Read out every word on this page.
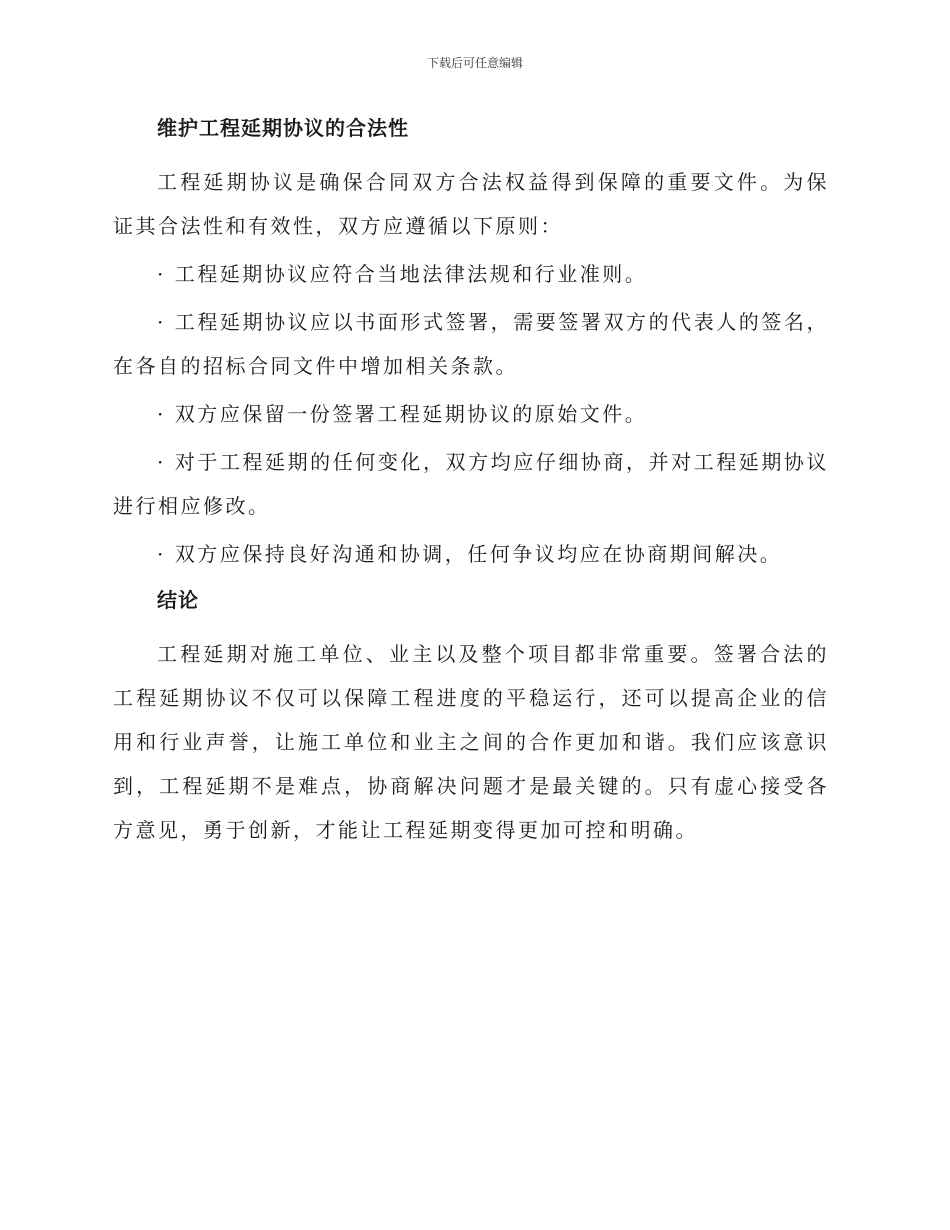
下载后可任意编辑
维护工程延期协议的合法性

工程延期协议是确保合同双方合法权益得到保障的重要文件。为保证其合法性和有效性，双方应遵循以下原则：

· 工程延期协议应符合当地法律法规和行业准则。

· 工程延期协议应以书面形式签署，需要签署双方的代表人的签名，在各自的招标合同文件中增加相关条款。

· 双方应保留一份签署工程延期协议的原始文件。

· 对于工程延期的任何变化，双方均应仔细协商，并对工程延期协议进行相应修改。

· 双方应保持良好沟通和协调，任何争议均应在协商期间解决。

结论

工程延期对施工单位、业主以及整个项目都非常重要。签署合法的工程延期协议不仅可以保障工程进度的平稳运行，还可以提高企业的信用和行业声誉，让施工单位和业主之间的合作更加和谐。我们应该意识到，工程延期不是难点，协商解决问题才是最关键的。只有虚心接受各方意见，勇于创新，才能让工程延期变得更加可控和明确。
